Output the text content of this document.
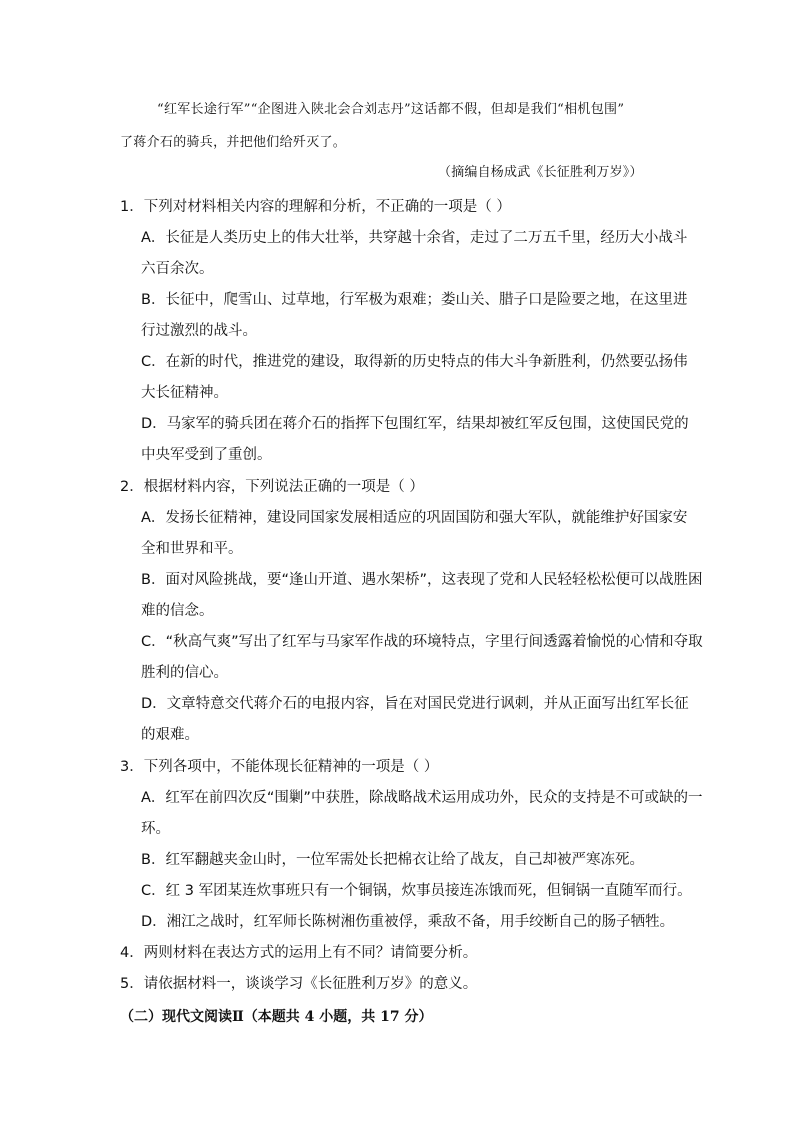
“红军长途行军”“企图进入陕北会合刘志丹”这话都不假，但却是我们“相机包围”
了蒋介石的骑兵，并把他们给歼灭了。
（摘编自杨成武《长征胜利万岁》）
1．下列对材料相关内容的理解和分析，不正确的一项是（ ）
A．长征是人类历史上的伟大壮举，共穿越十余省，走过了二万五千里，经历大小战斗
六百余次。
B．长征中，爬雪山、过草地，行军极为艰难；娄山关、腊子口是险要之地，在这里进
行过激烈的战斗。
C．在新的时代，推进党的建设，取得新的历史特点的伟大斗争新胜利，仍然要弘扬伟
大长征精神。
D．马家军的骑兵团在蒋介石的指挥下包围红军，结果却被红军反包围，这使国民党的
中央军受到了重创。
2．根据材料内容，下列说法正确的一项是（ ）
A．发扬长征精神，建设同国家发展相适应的巩固国防和强大军队，就能维护好国家安
全和世界和平。
B．面对风险挑战，要“逢山开道、遇水架桥”，这表现了党和人民轻轻松松便可以战胜困
难的信念。
C．“秋高气爽”写出了红军与马家军作战的环境特点，字里行间透露着愉悦的心情和夺取
胜利的信心。
D．文章特意交代蒋介石的电报内容，旨在对国民党进行讽刺，并从正面写出红军长征
的艰难。
3．下列各项中，不能体现长征精神的一项是（ ）
A．红军在前四次反“围剿”中获胜，除战略战术运用成功外，民众的支持是不可或缺的一
环。
B．红军翻越夹金山时，一位军需处长把棉衣让给了战友，自己却被严寒冻死。
C．红 3 军团某连炊事班只有一个铜锅，炊事员接连冻饿而死，但铜锅一直随军而行。
D．湘江之战时，红军师长陈树湘伤重被俘，乘敌不备，用手绞断自己的肠子牺牲。
4．两则材料在表达方式的运用上有不同？请简要分析。
5．请依据材料一，谈谈学习《长征胜利万岁》的意义。
（二）现代文阅读Ⅱ（本题共 4 小题，共 17 分）
